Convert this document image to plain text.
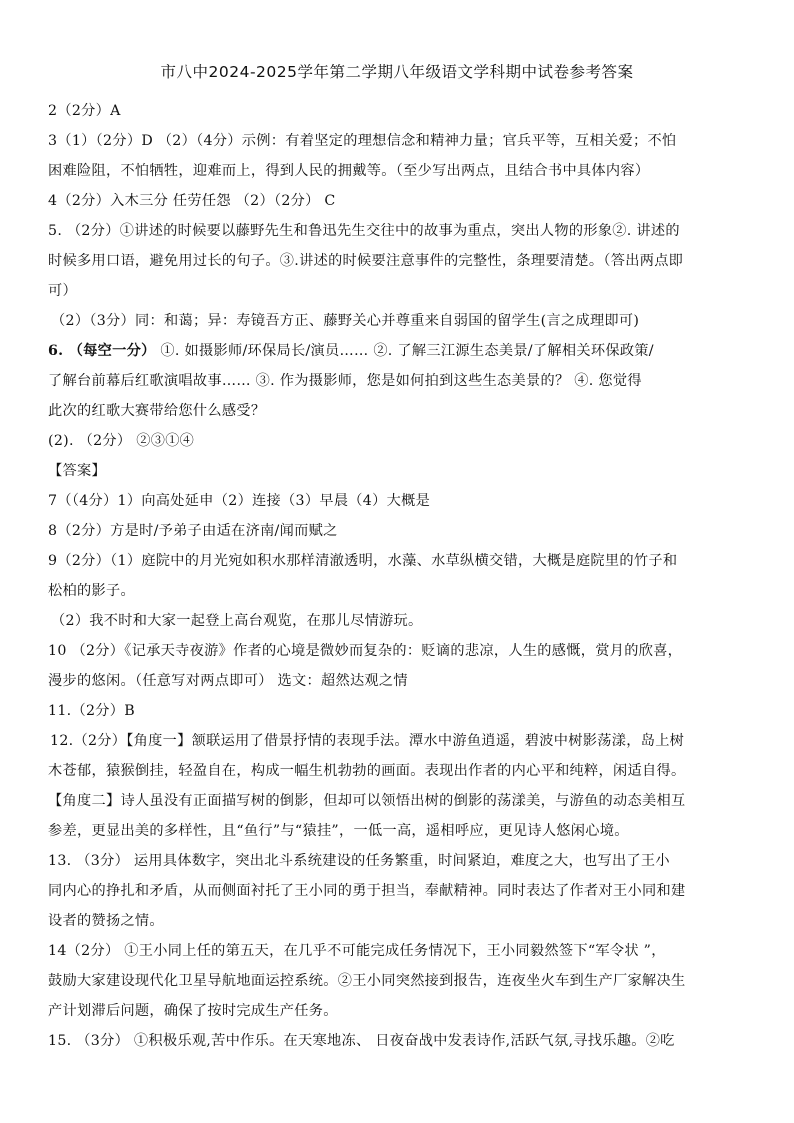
市八中2024-2025学年第二学期八年级语文学科期中试卷参考答案
2（2分）A
3（1）（2分）D （2）（4分）示例：有着坚定的理想信念和精神力量；官兵平等，互相关爱；不怕
困难险阻，不怕牺牲，迎难而上，得到人民的拥戴等。（至少写出两点，且结合书中具体内容）
4（2分）入木三分 任劳任怨 （2）（2分） C
5. （2分）①讲述的时候要以藤野先生和鲁迅先生交往中的故事为重点，突出人物的形象②. 讲述的
时候多用口语，避免用过长的句子。③.讲述的时候要注意事件的完整性，条理要清楚。（答出两点即
可）
（2）（3分）同：和蔼；异：寿镜吾方正、藤野关心并尊重来自弱国的留学生(言之成理即可)
6. （每空一分） ①. 如摄影师/环保局长/演员…… ②. 了解三江源生态美景/了解相关环保政策/
了解台前幕后红歌演唱故事…… ③. 作为摄影师，您是如何拍到这些生态美景的？ ④. 您觉得
此次的红歌大赛带给您什么感受？
(2). （2分） ②③①④
【答案】
7（（4分）1）向高处延申（2）连接（3）早晨（4）大概是
8（2分）方是时/予弟子由适在济南/闻而赋之
9（2分）（1）庭院中的月光宛如积水那样清澈透明，水藻、水草纵横交错，大概是庭院里的竹子和
松柏的影子。
（2）我不时和大家一起登上高台观览，在那儿尽情游玩。
10 （2分）《记承天寺夜游》作者的心境是微妙而复杂的：贬谪的悲凉，人生的感慨，赏月的欣喜，
漫步的悠闲。（任意写对两点即可） 选文：超然达观之情
11.（2分）B
12.（2分）【角度一】颔联运用了借景抒情的表现手法。潭水中游鱼逍遥，碧波中树影荡漾，岛上树
木苍郁，猿猴倒挂，轻盈自在，构成一幅生机勃勃的画面。表现出作者的内心平和纯粹，闲适自得。
【角度二】诗人虽没有正面描写树的倒影，但却可以领悟出树的倒影的荡漾美，与游鱼的动态美相互
参差，更显出美的多样性，且“鱼行”与“猿挂”，一低一高，遥相呼应，更见诗人悠闲心境。
13. （3分） 运用具体数字，突出北斗系统建设的任务繁重，时间紧迫，难度之大，也写出了王小
同内心的挣扎和矛盾，从而侧面衬托了王小同的勇于担当，奉献精神。同时表达了作者对王小同和建
设者的赞扬之情。
14（2分） ①王小同上任的第五天，在几乎不可能完成任务情况下，王小同毅然签下“军令状 ”，
鼓励大家建设现代化卫星导航地面运控系统。②王小同突然接到报告，连夜坐火车到生产厂家解决生
产计划滞后问题，确保了按时完成生产任务。
15. （3分） ①积极乐观,苦中作乐。在天寒地冻、 日夜奋战中发表诗作,活跃气氛,寻找乐趣。②吃
